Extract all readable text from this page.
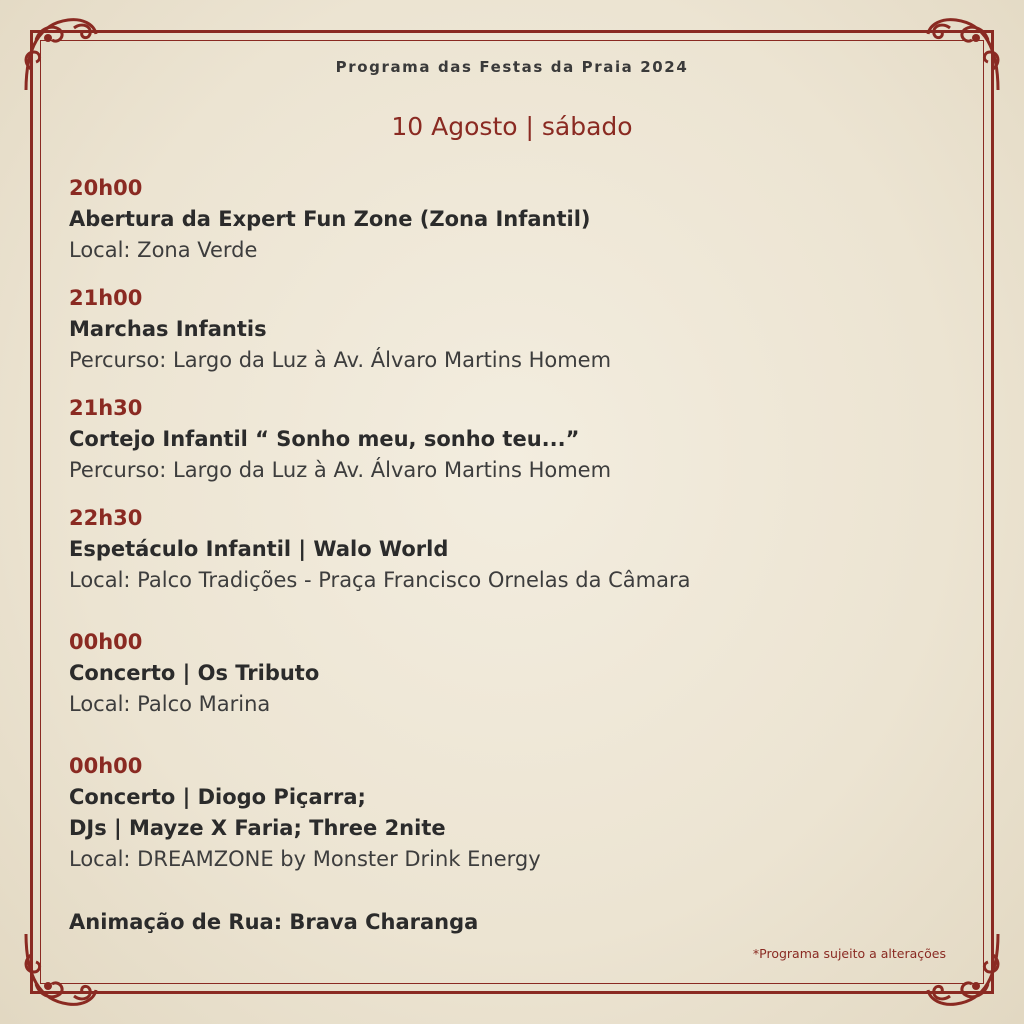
Programa das Festas da Praia 2024
10 Agosto | sábado
20h00
Abertura da Expert Fun Zone (Zona Infantil)
Local: Zona Verde
21h00
Marchas Infantis
Percurso: Largo da Luz à Av. Álvaro Martins Homem
21h30
Cortejo Infantil “ Sonho meu, sonho teu...”
Percurso: Largo da Luz à Av. Álvaro Martins Homem
22h30
Espetáculo Infantil | Walo World
Local: Palco Tradições - Praça Francisco Ornelas da Câmara
00h00
Concerto | Os Tributo
Local: Palco Marina
00h00
Concerto | Diogo Piçarra;
DJs | Mayze X Faria; Three 2nite
Local: DREAMZONE by Monster Drink Energy
Animação de Rua: Brava Charanga
*Programa sujeito a alterações
